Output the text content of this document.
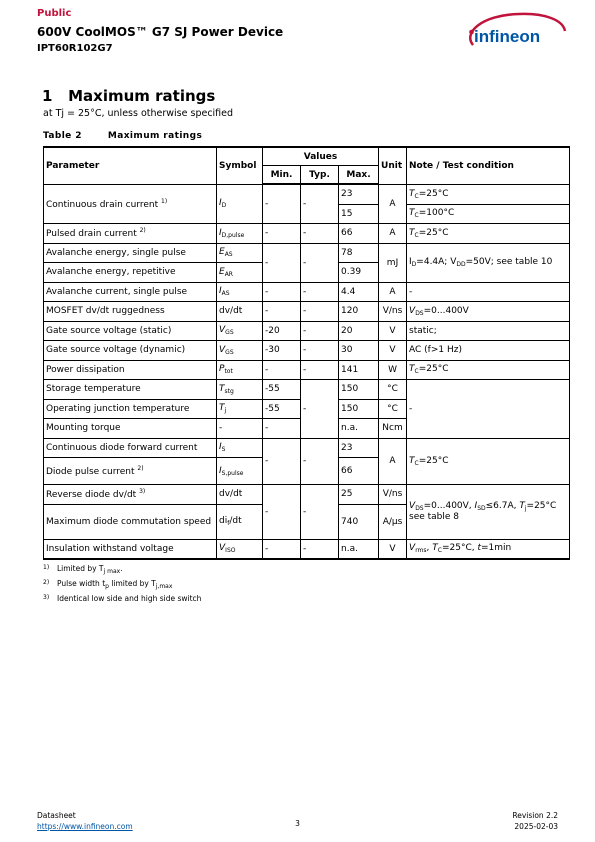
Public
600V CoolMOS™ G7 SJ Power Device
IPT60R102G7
infineon
1 Maximum ratings
at Tj = 25°C, unless otherwise specified
Table 2	Maximum ratings
Parameter	Symbol	Values			Unit	Note / Test condition
		Min.	Typ.	Max.		
Continuous drain current $^{1)}$	$I_D$	-	-	23	A	$T_C=25^\circ C$
				15		$T_C=100^\circ C$
Pulsed drain current $^{2)}$	$I_{D,pulse}$	-	-	66	A	$T_C=25^\circ C$
Avalanche energy, single pulse	$E_{AS}$	-	-	78	mJ	$I_D=4.4A$; $V_{DD}=50V$; see table 10
Avalanche energy, repetitive	$E_{AR}$			0.39		
Avalanche current, single pulse	$I_{AS}$	-	-	4.4	A	-
MOSFET dv/dt ruggedness	dv/dt	-	-	120	V/ns	$V_{DS}=0...400V$
Gate source voltage (static)	$V_{GS}$	-20	-	20	V	static;
Gate source voltage (dynamic)	$V_{GS}$	-30	-	30	V	AC (f>1 Hz)
Power dissipation	$P_{tot}$	-	-	141	W	$T_C=25^\circ C$
Storage temperature	$T_{stg}$	-55	-	150	°C	-
Operating junction temperature	$T_j$	-55		150	°C	
Mounting torque	-	-		n.a.	Ncm	
Continuous diode forward current	$I_S$	-	-	23	A	$T_C=25^\circ C$
Diode pulse current $^{2)}$	$I_{S,pulse}$			66		
Reverse diode dv/dt $^{3)}$	dv/dt	-	-	25	V/ns	$V_{DS}=0...400V$, $I_{SD}\le 6.7A$, $T_j=25^\circ C$ see table 8
Maximum diode commutation speed	$di_f/dt$			740	A/µs	
Insulation withstand voltage	$V_{ISO}$	-	-	n.a.	V	$V_{rms}$, $T_C=25^\circ C$, t=1min
1) Limited by $T_{j max}$.
2) Pulse width $t_p$ limited by $T_{j,max}$
3) Identical low side and high side switch
Datasheet
https://www.infineon.com	3
Revision 2.2
2025-02-03
